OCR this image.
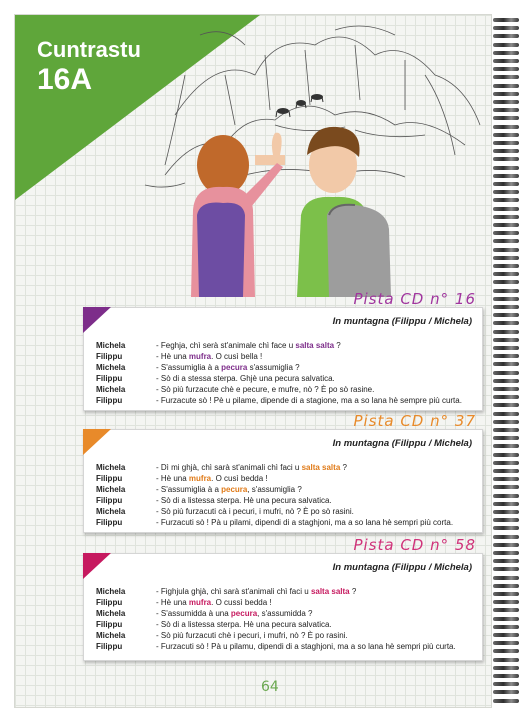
Cuntrastu
16A
Pista CD n° 16
In muntagna (Filippu / Michela)
Michela	- Feghja, chì serà st'animale chì face u salta salta ?
Filippu	- Hè una mufra. O cusì bella !
Michela	- S'assumiglia à a pecura s'assumiglia ?
Filippu	- Sò di a stessa sterpa. Ghjè una pecura salvatica.
Michela	- Sò più furzacute chè e pecure, e mufre, nò ? È po sò rasine.
Filippu	- Furzacute sò ! Pè u pilame, dipende di a stagione, ma a so lana hè sempre più curta.
Pista CD n° 37
In muntagna (Filippu / Michela)
Michela	- Dì mi ghjà, chì sarà st'animali chì faci u salta salta ?
Filippu	- Hè una mufra. O cusì bedda !
Michela	- S'assumiglia à a pecura, s'assumiglia ?
Filippu	- Sò di a listessa sterpa. Hè una pecura salvatica.
Michela	- Sò più furzacuti cà i pecuri, i mufri, nò ? È po sò rasini.
Filippu	- Furzacuti sò ! Pà u pilami, dipendi di a staghjoni, ma a so lana hè sempri più corta.
Pista CD n° 58
In muntagna (Filippu / Michela)
Michela	- Fighjula ghjà, chì sarà st'animali chì faci u salta salta ?
Filippu	- Hè una mufra. O cussì bedda !
Michela	- S'assumidda à una pecura, s'assumidda ?
Filippu	- Sò di a listessa sterpa. Hè una pecura salvatica.
Michela	- Sò più furzacuti chè i pecuri, i mufri, nò ? È po rasini.
Filippu	- Furzacuti sò ! Pà u pilamu, dipendi di a staghjoni, ma a so lana hè sempri più curta.
64
